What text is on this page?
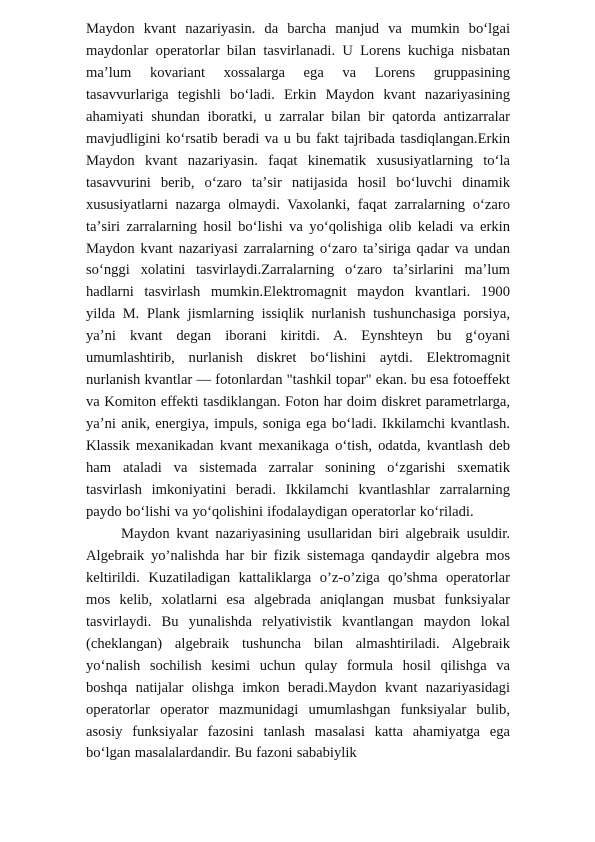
Maydon kvant nazariyasin. da barcha manjud va mumkin boʻlgai maydonlar operatorlar bilan tasvirlanadi. U Lorens kuchiga nisbatan maʼlum kovariant xossalarga ega va Lorens gruppasining tasavvurlariga tegishli boʻladi. Erkin Maydon kvant nazariyasining ahamiyati shundan iboratki, u zarralar bilan bir qatorda antizarralar mavjudligini koʻrsatib beradi va u bu fakt tajribada tasdiqlangan.Erkin Maydon kvant nazariyasin. faqat kinematik xususiyatlarning toʻla tasavvurini berib, oʻzaro taʼsir natijasida hosil boʻluvchi dinamik xususiyatlarni nazarga olmaydi. Vaxolanki, faqat zarralarning oʻzaro taʼsiri zarralarning hosil boʻlishi va yoʻqolishiga olib keladi va erkin Maydon kvant nazariyasi zarralarning oʻzaro taʼsiriga qadar va undan soʻnggi xolatini tasvirlaydi.Zarralarning oʻzaro taʼsirlarini maʼlum hadlarni tasvirlash mumkin.Elektromagnit maydon kvantlari. 1900 yilda M. Plank jismlarning issiqlik nurlanish tushunchasiga porsiya, yaʼni kvant degan iborani kiritdi. A. Eynshteyn bu gʻoyani umumlashtirib, nurlanish diskret boʻlishini aytdi. Elektromagnit nurlanish kvantlar — fotonlardan "tashkil topar" ekan. bu esa fotoeffekt va Komiton effekti tasdiklangan. Foton har doim diskret parametrlarga, yaʼni anik, energiya, impuls, soniga ega boʻladi. Ikkilamchi kvantlash. Klassik mexanikadan kvant mexanikaga oʻtish, odatda, kvantlash deb ham ataladi va sistemada zarralar sonining oʻzgarishi sxematik tasvirlash imkoniyatini beradi. Ikkilamchi kvantlashlar zarralarning paydo boʻlishi va yoʻqolishini ifodalaydigan operatorlar koʻriladi.

Maydon kvant nazariyasining usullaridan biri algebraik usuldir. Algebraik yo’nalishda har bir fizik sistemaga qandaydir algebra mos keltirildi. Kuzatiladigan kattaliklarga o’z-o’ziga qo’shma operatorlar mos kelib, xolatlarni esa algebrada aniqlangan musbat funksiyalar tasvirlaydi. Bu yunalishda relyativistik kvantlangan maydon lokal (cheklangan) algebraik tushuncha bilan almashtiriladi. Algebraik yoʻnalish sochilish kesimi uchun qulay formula hosil qilishga va boshqa natijalar olishga imkon beradi.Maydon kvant nazariyasidagi operatorlar operator mazmunidagi umumlashgan funksiyalar bulib, asosiy funksiyalar fazosini tanlash masalasi katta ahamiyatga ega boʻlgan masalalardandir. Bu fazoni sababiylik
